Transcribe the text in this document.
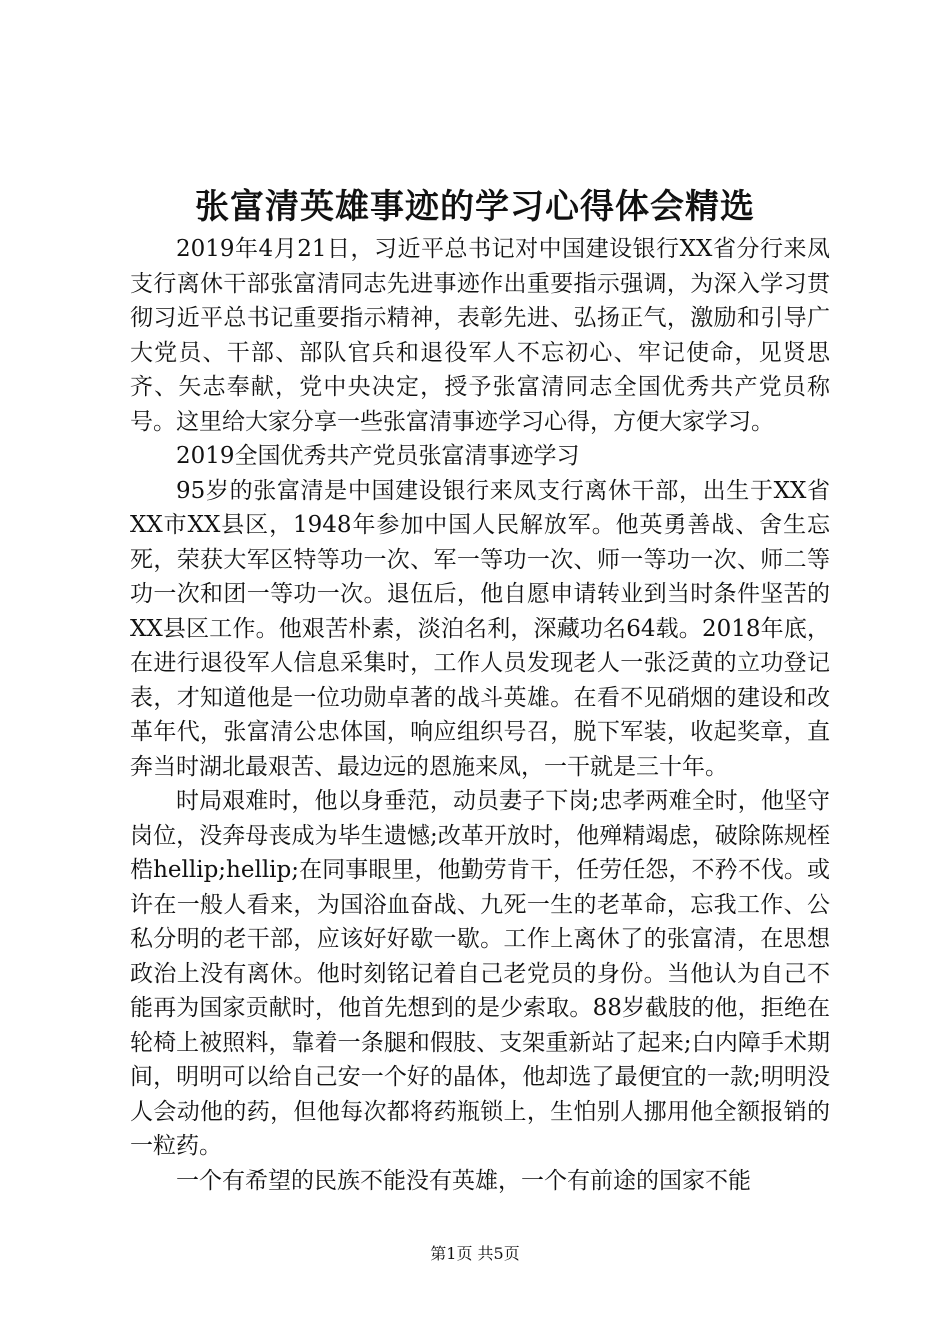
张富清英雄事迹的学习心得体会精选

2019年4月21日，习近平总书记对中国建设银行XX省分行来凤支行离休干部张富清同志先进事迹作出重要指示强调，为深入学习贯彻习近平总书记重要指示精神，表彰先进、弘扬正气，激励和引导广大党员、干部、部队官兵和退役军人不忘初心、牢记使命，见贤思齐、矢志奉献，党中央决定，授予张富清同志全国优秀共产党员称号。这里给大家分享一些张富清事迹学习心得，方便大家学习。

2019全国优秀共产党员张富清事迹学习

95岁的张富清是中国建设银行来凤支行离休干部，出生于XX省XX市XX县区，1948年参加中国人民解放军。他英勇善战、舍生忘死，荣获大军区特等功一次、军一等功一次、师一等功一次、师二等功一次和团一等功一次。退伍后，他自愿申请转业到当时条件坚苦的XX县区工作。他艰苦朴素，淡泊名利，深藏功名64载。2018年底，在进行退役军人信息采集时，工作人员发现老人一张泛黄的立功登记表，才知道他是一位功勋卓著的战斗英雄。在看不见硝烟的建设和改革年代，张富清公忠体国，响应组织号召，脱下军装，收起奖章，直奔当时湖北最艰苦、最边远的恩施来凤，一干就是三十年。

时局艰难时，他以身垂范，动员妻子下岗;忠孝两难全时，他坚守岗位，没奔母丧成为毕生遗憾;改革开放时，他殚精竭虑，破除陈规桎梏hellip;hellip;在同事眼里，他勤劳肯干，任劳任怨，不矜不伐。或许在一般人看来，为国浴血奋战、九死一生的老革命，忘我工作、公私分明的老干部，应该好好歇一歇。工作上离休了的张富清，在思想政治上没有离休。他时刻铭记着自己老党员的身份。当他认为自己不能再为国家贡献时，他首先想到的是少索取。88岁截肢的他，拒绝在轮椅上被照料，靠着一条腿和假肢、支架重新站了起来;白内障手术期间，明明可以给自己安一个好的晶体，他却选了最便宜的一款;明明没人会动他的药，但他每次都将药瓶锁上，生怕别人挪用他全额报销的一粒药。

一个有希望的民族不能没有英雄，一个有前途的国家不能

第1页 共5页
